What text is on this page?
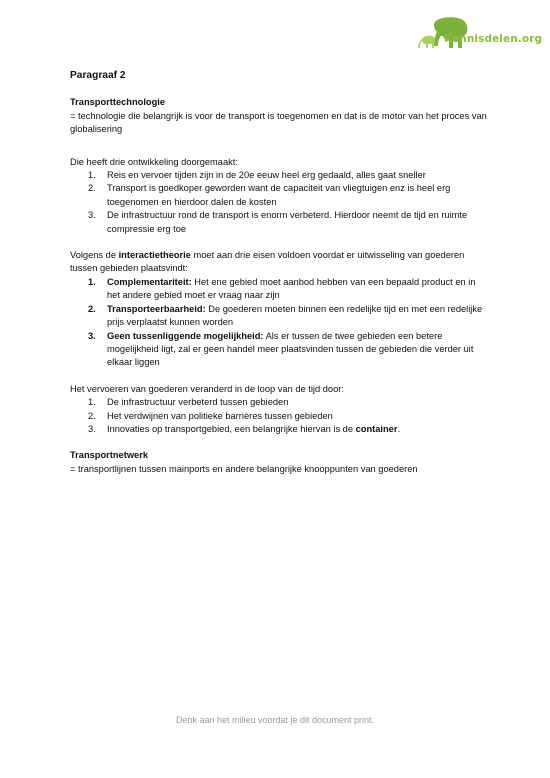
Kennisdelen.org
Paragraaf 2

Transporttechnologie

= technologie die belangrijk is voor de transport is toegenomen en dat is de motor van het proces van globalisering

Die heeft drie ontwikkeling doorgemaakt:

1. Reis en vervoer tijden zijn in de 20e eeuw heel erg gedaald, alles gaat sneller
2. Transport is goedkoper geworden want de capaciteit van vliegtuigen enz is heel erg toegenomen en hierdoor dalen de kosten
3. De infrastructuur rond de transport is enorm verbeterd. Hierdoor neemt de tijd en ruimte compressie erg toe

Volgens de interactietheorie moet aan drie eisen voldoen voordat er uitwisseling van goederen tussen gebieden plaatsvindt:

1. Complementariteit: Het ene gebied moet aanbod hebben van een bepaald product en in het andere gebied moet er vraag naar zijn
2. Transporteerbaarheid: De goederen moeten binnen een redelijke tijd en met een redelijke prijs verplaatst kunnen worden
3. Geen tussenliggende mogelijkheid: Als er tussen de twee gebieden een betere mogelijkheid ligt, zal er geen handel meer plaatsvinden tussen de gebieden die verder uit elkaar liggen

Het vervoeren van goederen veranderd in de loop van de tijd door:

1. De infrastructuur verbeterd tussen gebieden
2. Het verdwijnen van politieke barrières tussen gebieden
3. Innovaties op transportgebied, een belangrijke hiervan is de container.

Transportnetwerk

= transportlijnen tussen mainports en andere belangrijke knooppunten van goederen

Denk aan het milieu voordat je dit document print.
